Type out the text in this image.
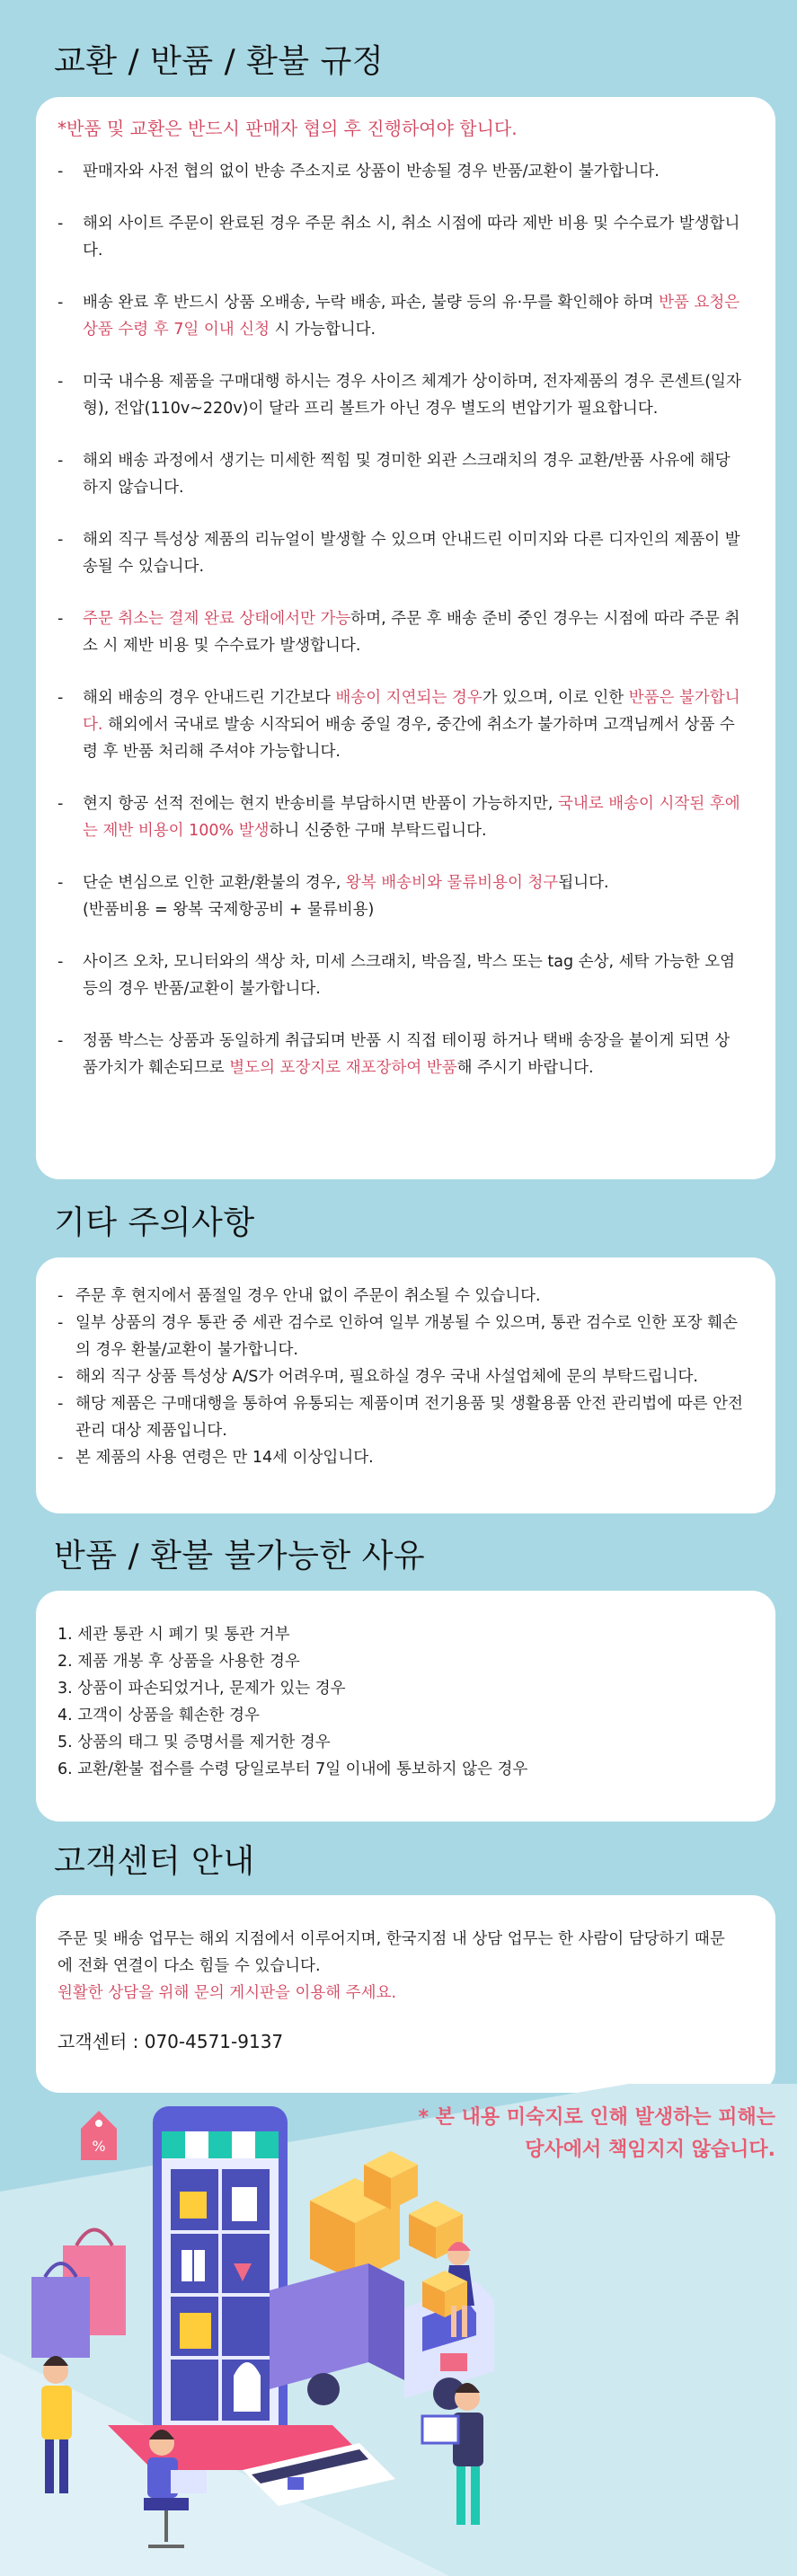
교환 / 반품 / 환불 규정

*반품 및 교환은 반드시 판매자 협의 후 진행하여야 합니다.

- 판매자와 사전 협의 없이 반송 주소지로 상품이 반송될 경우 반품/교환이 불가합니다.
- 해외 사이트 주문이 완료된 경우 주문 취소 시, 취소 시점에 따라 제반 비용 및 수수료가 발생합니다.
- 배송 완료 후 반드시 상품 오배송, 누락 배송, 파손, 불량 등의 유·무를 확인해야 하며 반품 요청은 상품 수령 후 7일 이내 신청 시 가능합니다.
- 미국 내수용 제품을 구매대행 하시는 경우 사이즈 체계가 상이하며, 전자제품의 경우 콘센트(일자형), 전압(110v~220v)이 달라 프리 볼트가 아닌 경우 별도의 변압기가 필요합니다.
- 해외 배송 과정에서 생기는 미세한 찍힘 및 경미한 외관 스크래치의 경우 교환/반품 사유에 해당하지 않습니다.
- 해외 직구 특성상 제품의 리뉴얼이 발생할 수 있으며 안내드린 이미지와 다른 디자인의 제품이 발송될 수 있습니다.
- 주문 취소는 결제 완료 상태에서만 가능하며, 주문 후 배송 준비 중인 경우는 시점에 따라 주문 취소 시 제반 비용 및 수수료가 발생합니다.
- 해외 배송의 경우 안내드린 기간보다 배송이 지연되는 경우가 있으며, 이로 인한 반품은 불가합니다. 해외에서 국내로 발송 시작되어 배송 중일 경우, 중간에 취소가 불가하며 고객님께서 상품 수령 후 반품 처리해 주셔야 가능합니다.
- 현지 항공 선적 전에는 현지 반송비를 부담하시면 반품이 가능하지만, 국내로 배송이 시작된 후에는 제반 비용이 100% 발생하니 신중한 구매 부탁드립니다.
- 단순 변심으로 인한 교환/환불의 경우, 왕복 배송비와 물류비용이 청구됩니다.
(반품비용 = 왕복 국제항공비 + 물류비용)
- 사이즈 오차, 모니터와의 색상 차, 미세 스크래치, 박음질, 박스 또는 tag 손상, 세탁 가능한 오염 등의 경우 반품/교환이 불가합니다.
- 정품 박스는 상품과 동일하게 취급되며 반품 시 직접 테이핑 하거나 택배 송장을 붙이게 되면 상품가치가 훼손되므로 별도의 포장지로 재포장하여 반품해 주시기 바랍니다.
기타 주의사항
- 주문 후 현지에서 품절일 경우 안내 없이 주문이 취소될 수 있습니다.
- 일부 상품의 경우 통관 중 세관 검수로 인하여 일부 개봉될 수 있으며, 통관 검수로 인한 포장 훼손의 경우 환불/교환이 불가합니다.
- 해외 직구 상품 특성상 A/S가 어려우며, 필요하실 경우 국내 사설업체에 문의 부탁드립니다.
- 해당 제품은 구매대행을 통하여 유통되는 제품이며 전기용품 및 생활용품 안전 관리법에 따른 안전 관리 대상 제품입니다.
- 본 제품의 사용 연령은 만 14세 이상입니다.
반품 / 환불 불가능한 사유
1. 세관 통관 시 폐기 및 통관 거부
2. 제품 개봉 후 상품을 사용한 경우
3. 상품이 파손되었거나, 문제가 있는 경우
4. 고객이 상품을 훼손한 경우
5. 상품의 태그 및 증명서를 제거한 경우
6. 교환/환불 접수를 수령 당일로부터 7일 이내에 통보하지 않은 경우
고객센터 안내

주문 및 배송 업무는 해외 지점에서 이루어지며, 한국지점 내 상담 업무는 한 사람이 담당하기 때문에 전화 연결이 다소 힘들 수 있습니다.

원활한 상담을 위해 문의 게시판을 이용해 주세요.

고객센터 : 070-4571-9137

%
* 본 내용 미숙지로 인해 발생하는 피해는
당사에서 책임지지 않습니다.
